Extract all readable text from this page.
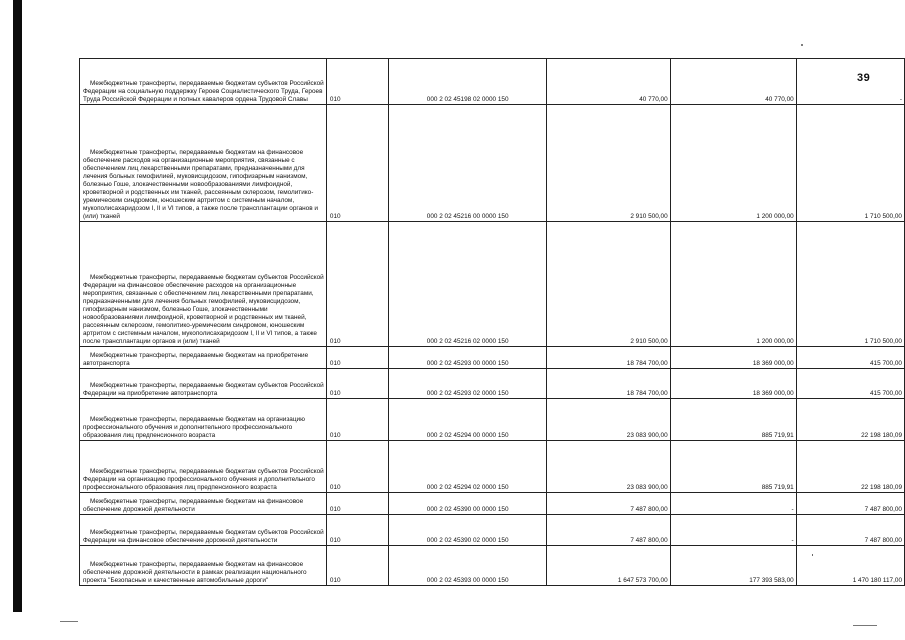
39
Межбюджетные трансферты, передаваемые бюджетам субъектов Российской Федерации на социальную поддержку Героев Социалистического Труда, Героев Труда Российской Федерации и полных кавалеров ордена Трудовой Славы	010	000 2 02 45198 02 0000 150	40 770,00	40 770,00	-
Межбюджетные трансферты, передаваемые бюджетам на финансовое обеспечение расходов на организационные мероприятия, связанные с обеспечением лиц лекарственными препаратами, предназначенными для лечения больных гемофилией, муковисцидозом, гипофизарным нанизмом, болезнью Гоше, злокачественными новообразованиями лимфоидной, кроветворной и родственных им тканей, рассеянным склерозом, гемолитико-уремическим синдромом, юношеским артритом с системным началом, мукополисахаридозом I, II и VI типов, а также после трансплантации органов и (или) тканей	010	000 2 02 45216 00 0000 150	2 910 500,00	1 200 000,00	1 710 500,00
Межбюджетные трансферты, передаваемые бюджетам субъектов Российской Федерации на финансовое обеспечение расходов на организационные мероприятия, связанные с обеспечением лиц лекарственными препаратами, предназначенными для лечения больных гемофилией, муковисцидозом, гипофизарным нанизмом, болезнью Гоше, злокачественными новообразованиями лимфоидной, кроветворной и родственных им тканей, рассеянным склерозом, гемолитико-уремическим синдромом, юношеским артритом с системным началом, мукополисахаридозом I, II и VI типов, а также после трансплантации органов и (или) тканей	010	000 2 02 45216 02 0000 150	2 910 500,00	1 200 000,00	1 710 500,00
Межбюджетные трансферты, передаваемые бюджетам на приобретение автотранспорта	010	000 2 02 45293 00 0000 150	18 784 700,00	18 369 000,00	415 700,00
Межбюджетные трансферты, передаваемые бюджетам субъектов Российской Федерации на приобретение автотранспорта	010	000 2 02 45293 02 0000 150	18 784 700,00	18 369 000,00	415 700,00
Межбюджетные трансферты, передаваемые бюджетам на организацию профессионального обучения и дополнительного профессионального образования лиц предпенсионного возраста	010	000 2 02 45294 00 0000 150	23 083 900,00	885 719,91	22 198 180,09
Межбюджетные трансферты, передаваемые бюджетам субъектов Российской Федерации на организацию профессионального обучения и дополнительного профессионального образования лиц предпенсионного возраста	010	000 2 02 45294 02 0000 150	23 083 900,00	885 719,91	22 198 180,09
Межбюджетные трансферты, передаваемые бюджетам на финансовое обеспечение дорожной деятельности	010	000 2 02 45390 00 0000 150	7 487 800,00	-	7 487 800,00
Межбюджетные трансферты, передаваемые бюджетам субъектов Российской Федерации на финансовое обеспечение дорожной деятельности	010	000 2 02 45390 02 0000 150	7 487 800,00	-	7 487 800,00
Межбюджетные трансферты, передаваемые бюджетам на финансовое обеспечение дорожной деятельности в рамках реализации национального проекта "Безопасные и качественные автомобильные дороги"	010	000 2 02 45393 00 0000 150	1 647 573 700,00	177 393 583,00	1 470 180 117,00
